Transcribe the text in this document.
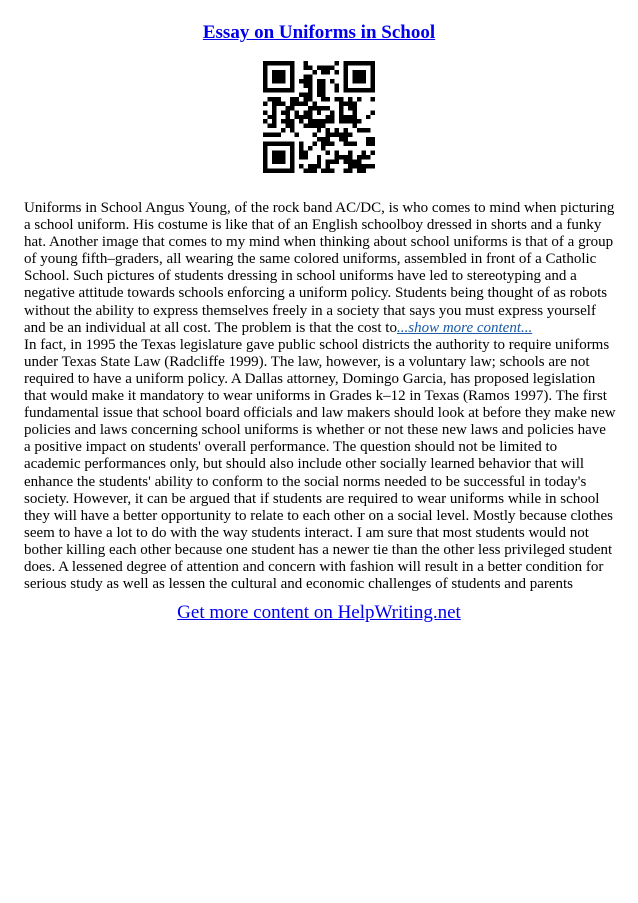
Essay on Uniforms in School

Uniforms in School Angus Young, of the rock band AC/DC, is who comes to mind when picturing a school uniform. His costume is like that of an English schoolboy dressed in shorts and a funky hat. Another image that comes to my mind when thinking about school uniforms is that of a group of young fifth–graders, all wearing the same colored uniforms, assembled in front of a Catholic School. Such pictures of students dressing in school uniforms have led to stereotyping and a negative attitude towards schools enforcing a uniform policy. Students being thought of as robots without the ability to express themselves freely in a society that says you must express yourself and be an individual at all cost. The problem is that the cost to...show more content...

In fact, in 1995 the Texas legislature gave public school districts the authority to require uniforms under Texas State Law (Radcliffe 1999). The law, however, is a voluntary law; schools are not required to have a uniform policy. A Dallas attorney, Domingo Garcia, has proposed legislation that would make it mandatory to wear uniforms in Grades k–12 in Texas (Ramos 1997). The first fundamental issue that school board officials and law makers should look at before they make new policies and laws concerning school uniforms is whether or not these new laws and policies have a positive impact on students' overall performance. The question should not be limited to academic performances only, but should also include other socially learned behavior that will enhance the students' ability to conform to the social norms needed to be successful in today's society. However, it can be argued that if students are required to wear uniforms while in school they will have a better opportunity to relate to each other on a social level. Mostly because clothes seem to have a lot to do with the way students interact. I am sure that most students would not bother killing each other because one student has a newer tie than the other less privileged student does. A lessened degree of attention and concern with fashion will result in a better condition for serious study as well as lessen the cultural and economic challenges of students and parents

Get more content on HelpWriting.net
